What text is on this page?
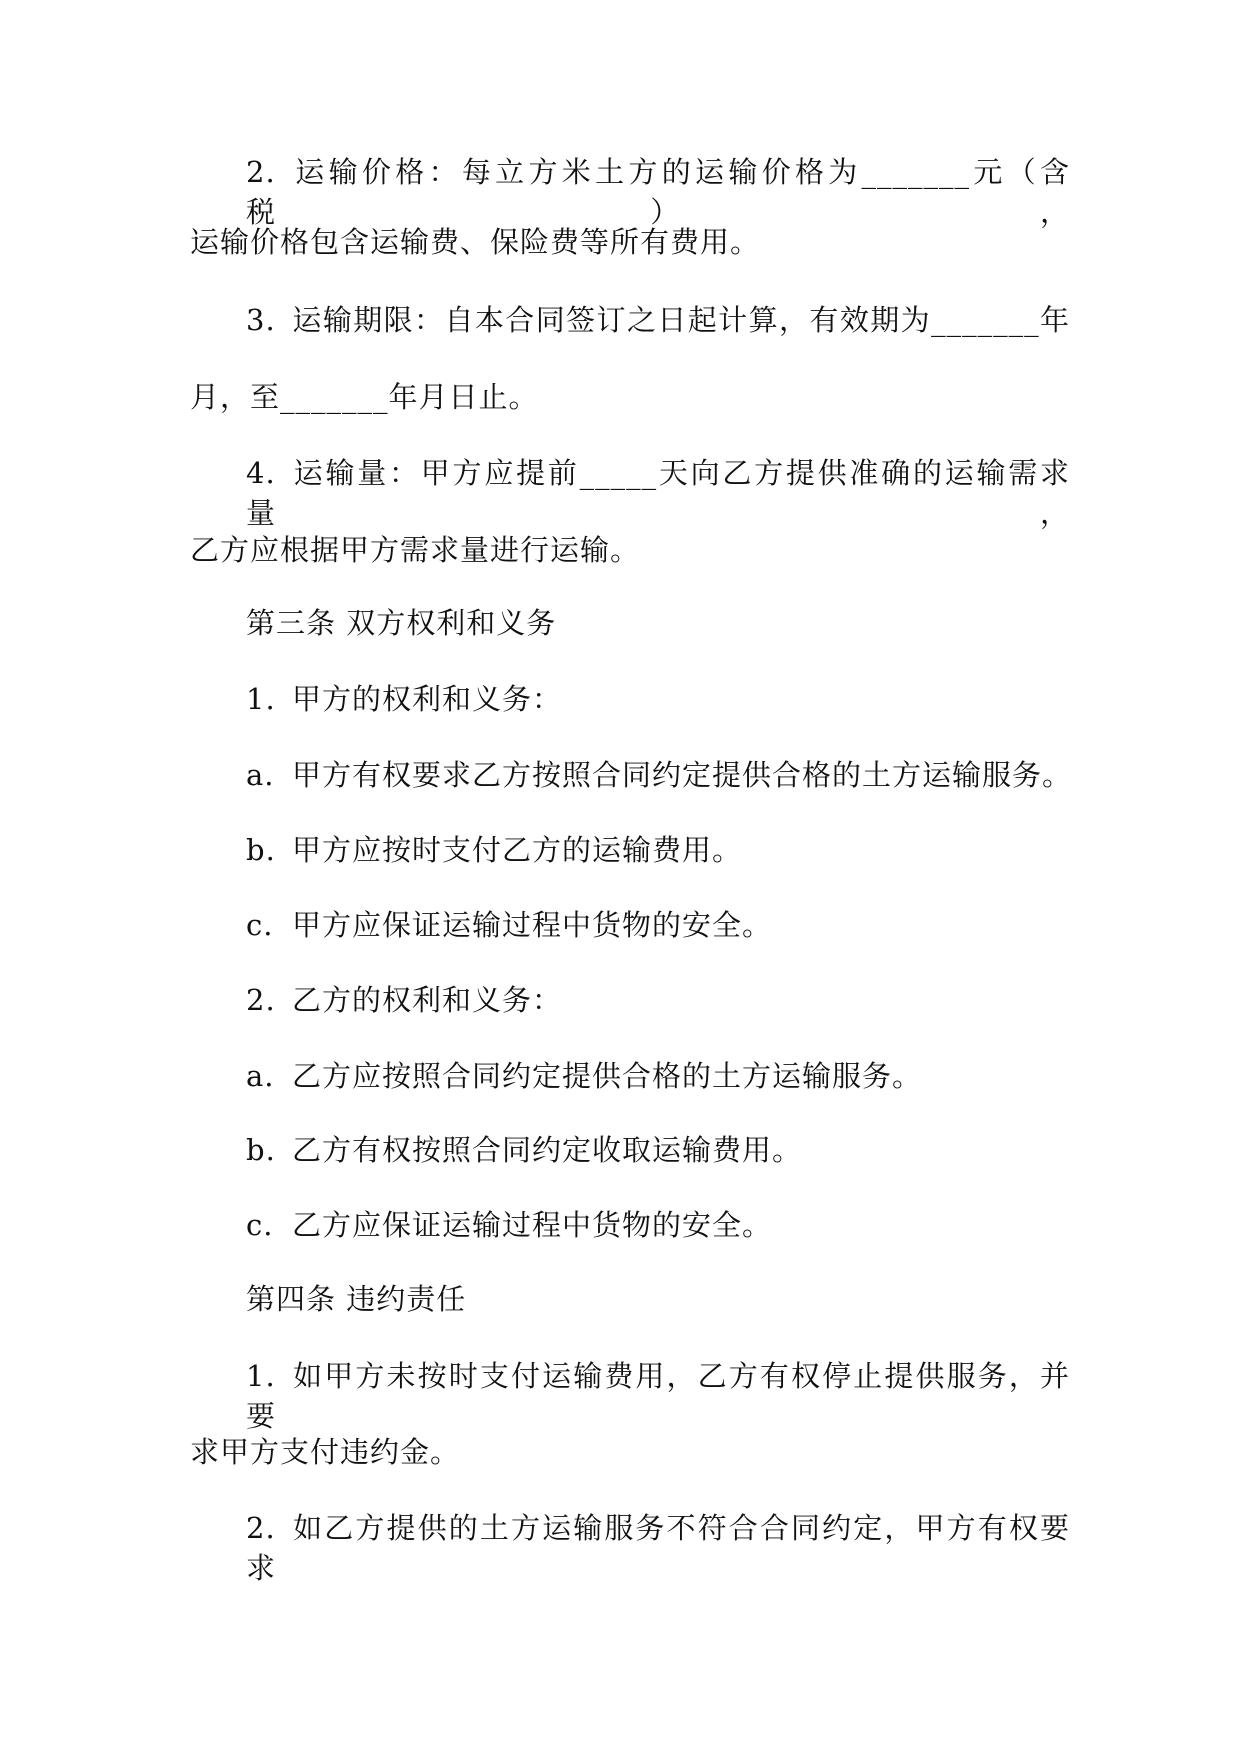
2. 运输价格：每立方米土方的运输价格为_______元（含税），
运输价格包含运输费、保险费等所有费用。
3. 运输期限：自本合同签订之日起计算，有效期为_______年
月，至_______年月日止。
4. 运输量：甲方应提前_____天向乙方提供准确的运输需求量，
乙方应根据甲方需求量进行运输。
第三条 双方权利和义务
1. 甲方的权利和义务：
a. 甲方有权要求乙方按照合同约定提供合格的土方运输服务。
b. 甲方应按时支付乙方的运输费用。
c. 甲方应保证运输过程中货物的安全。
2. 乙方的权利和义务：
a. 乙方应按照合同约定提供合格的土方运输服务。
b. 乙方有权按照合同约定收取运输费用。
c. 乙方应保证运输过程中货物的安全。
第四条 违约责任
1. 如甲方未按时支付运输费用，乙方有权停止提供服务，并要
求甲方支付违约金。
2. 如乙方提供的土方运输服务不符合合同约定，甲方有权要求
